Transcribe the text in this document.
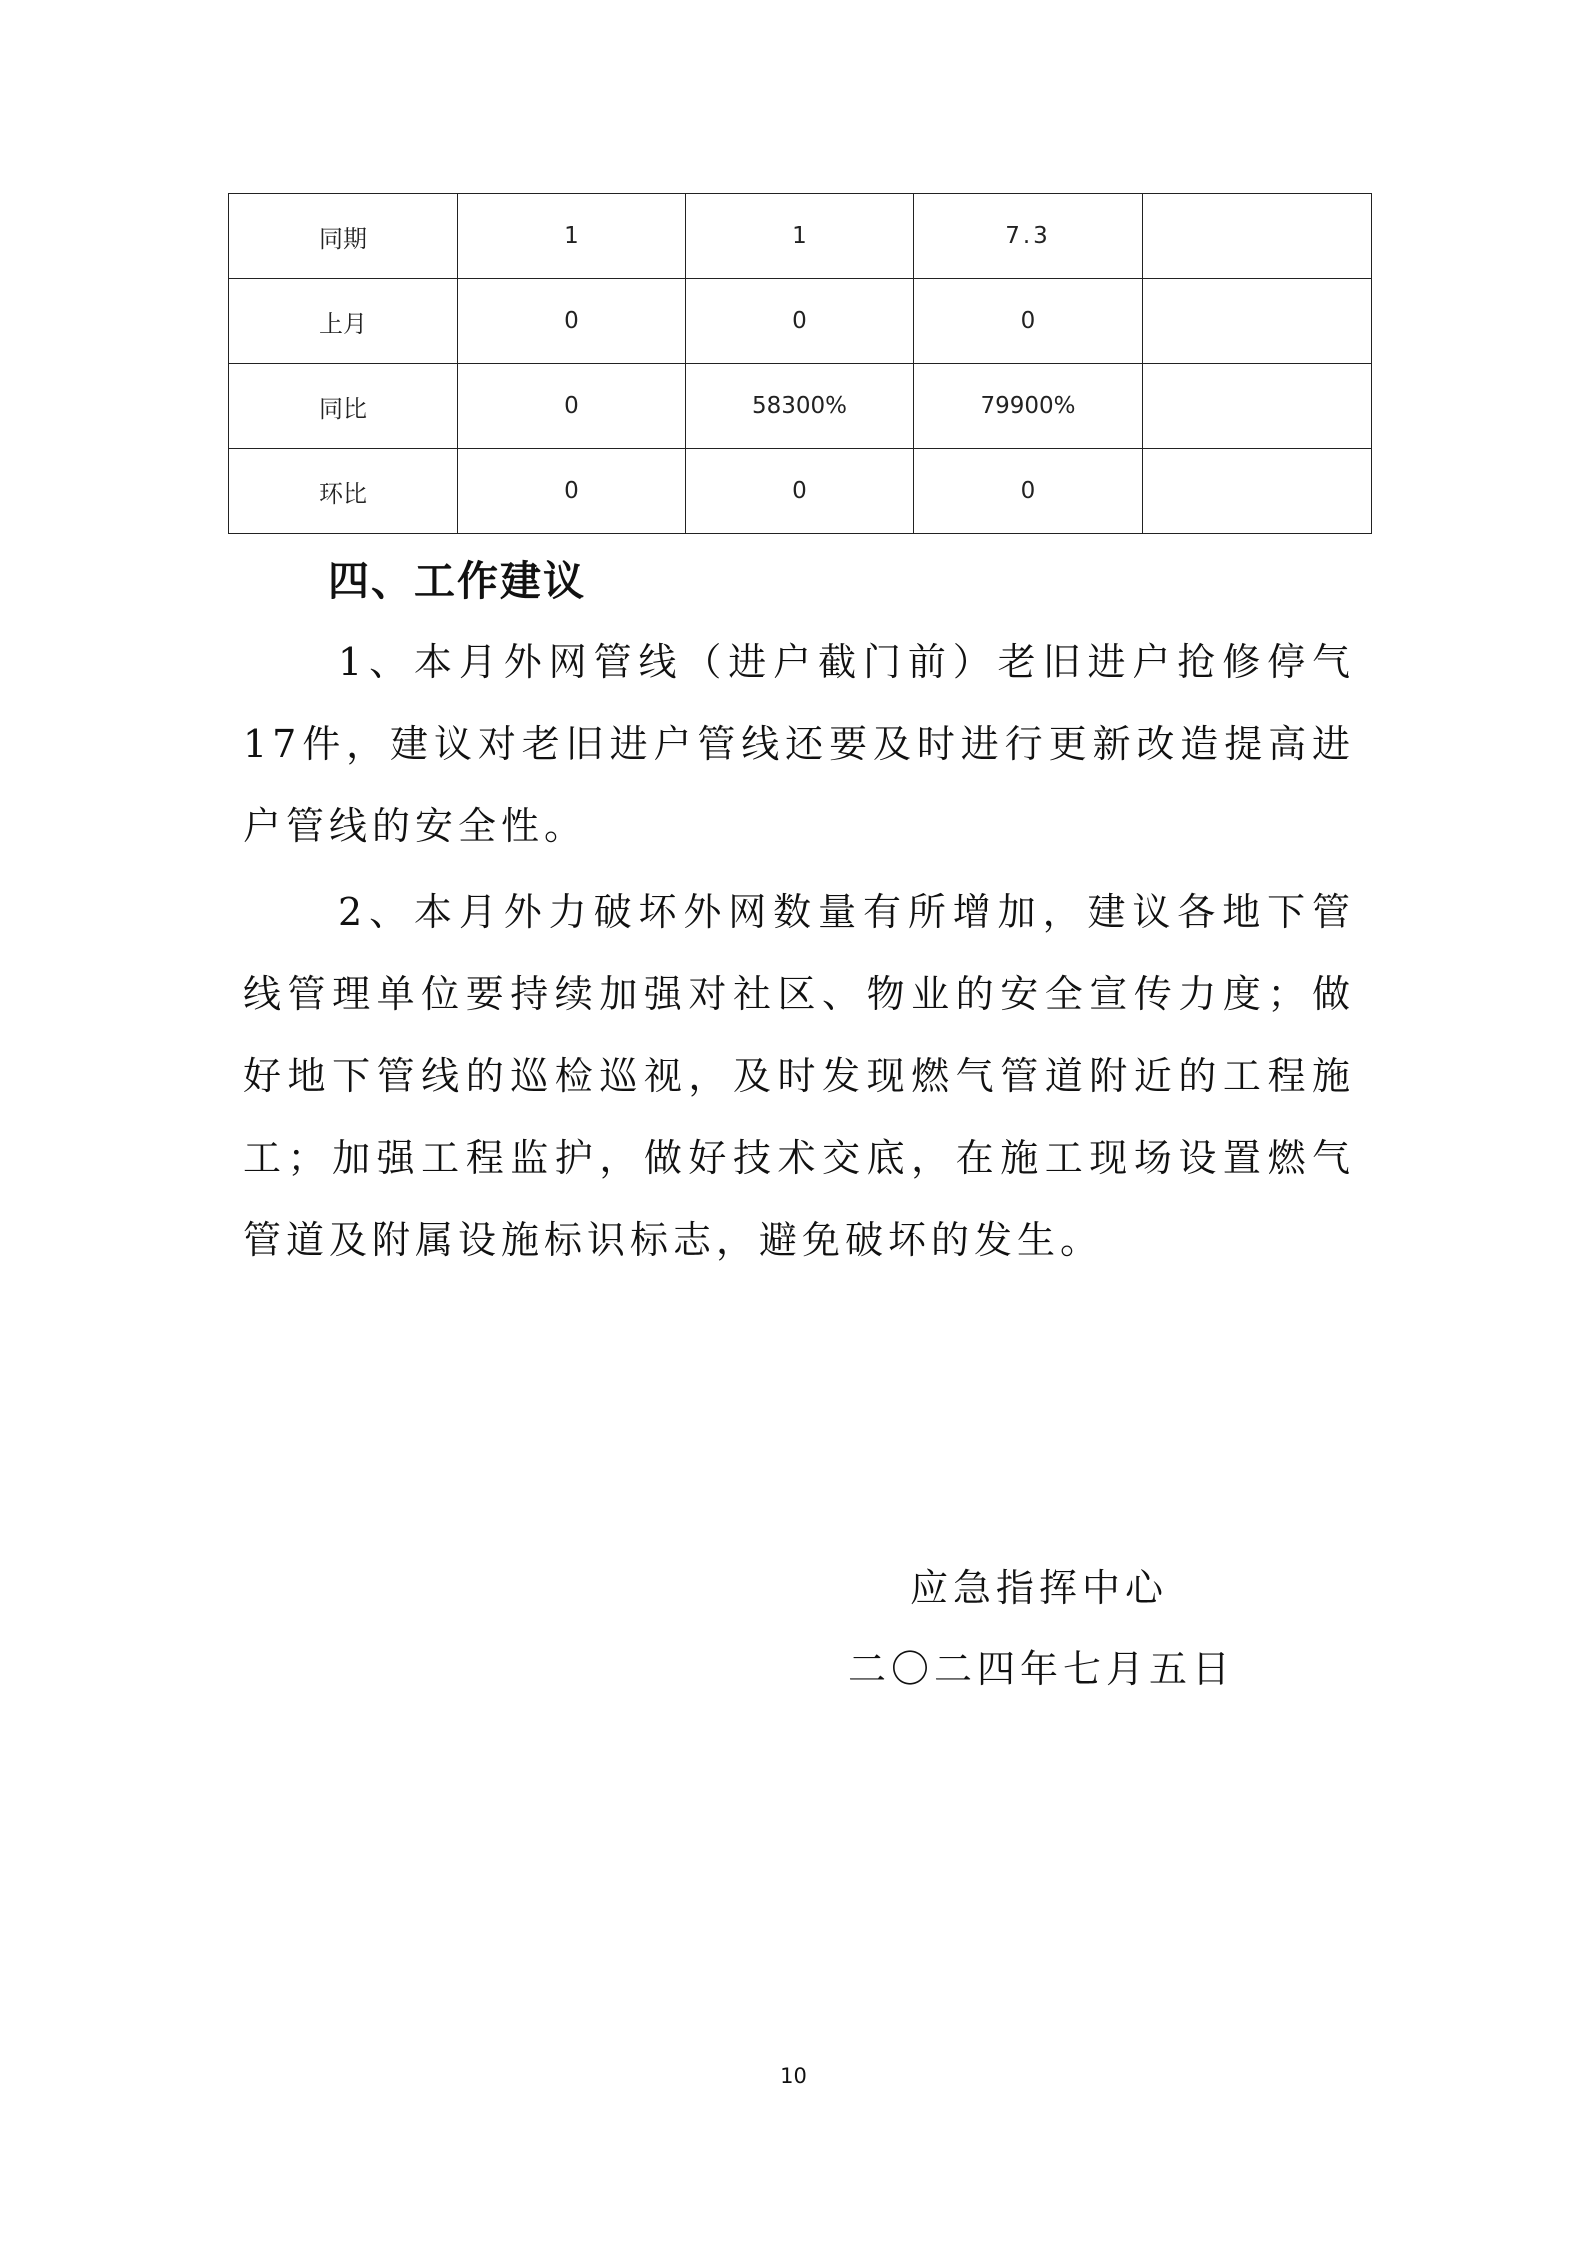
同期	1	1	7.3	
上月	0	0	0	
同比	0	58300%	79900%	
环比	0	0	0	
四、工作建议

1、本月外网管线（进户截门前）老旧进户抢修停气17件，建议对老旧进户管线还要及时进行更新改造提高进户管线的安全性。

2、本月外力破坏外网数量有所增加，建议各地下管线管理单位要持续加强对社区、物业的安全宣传力度；做好地下管线的巡检巡视，及时发现燃气管道附近的工程施工；加强工程监护，做好技术交底，在施工现场设置燃气管道及附属设施标识标志，避免破坏的发生。

应急指挥中心

二〇二四年七月五日

10
